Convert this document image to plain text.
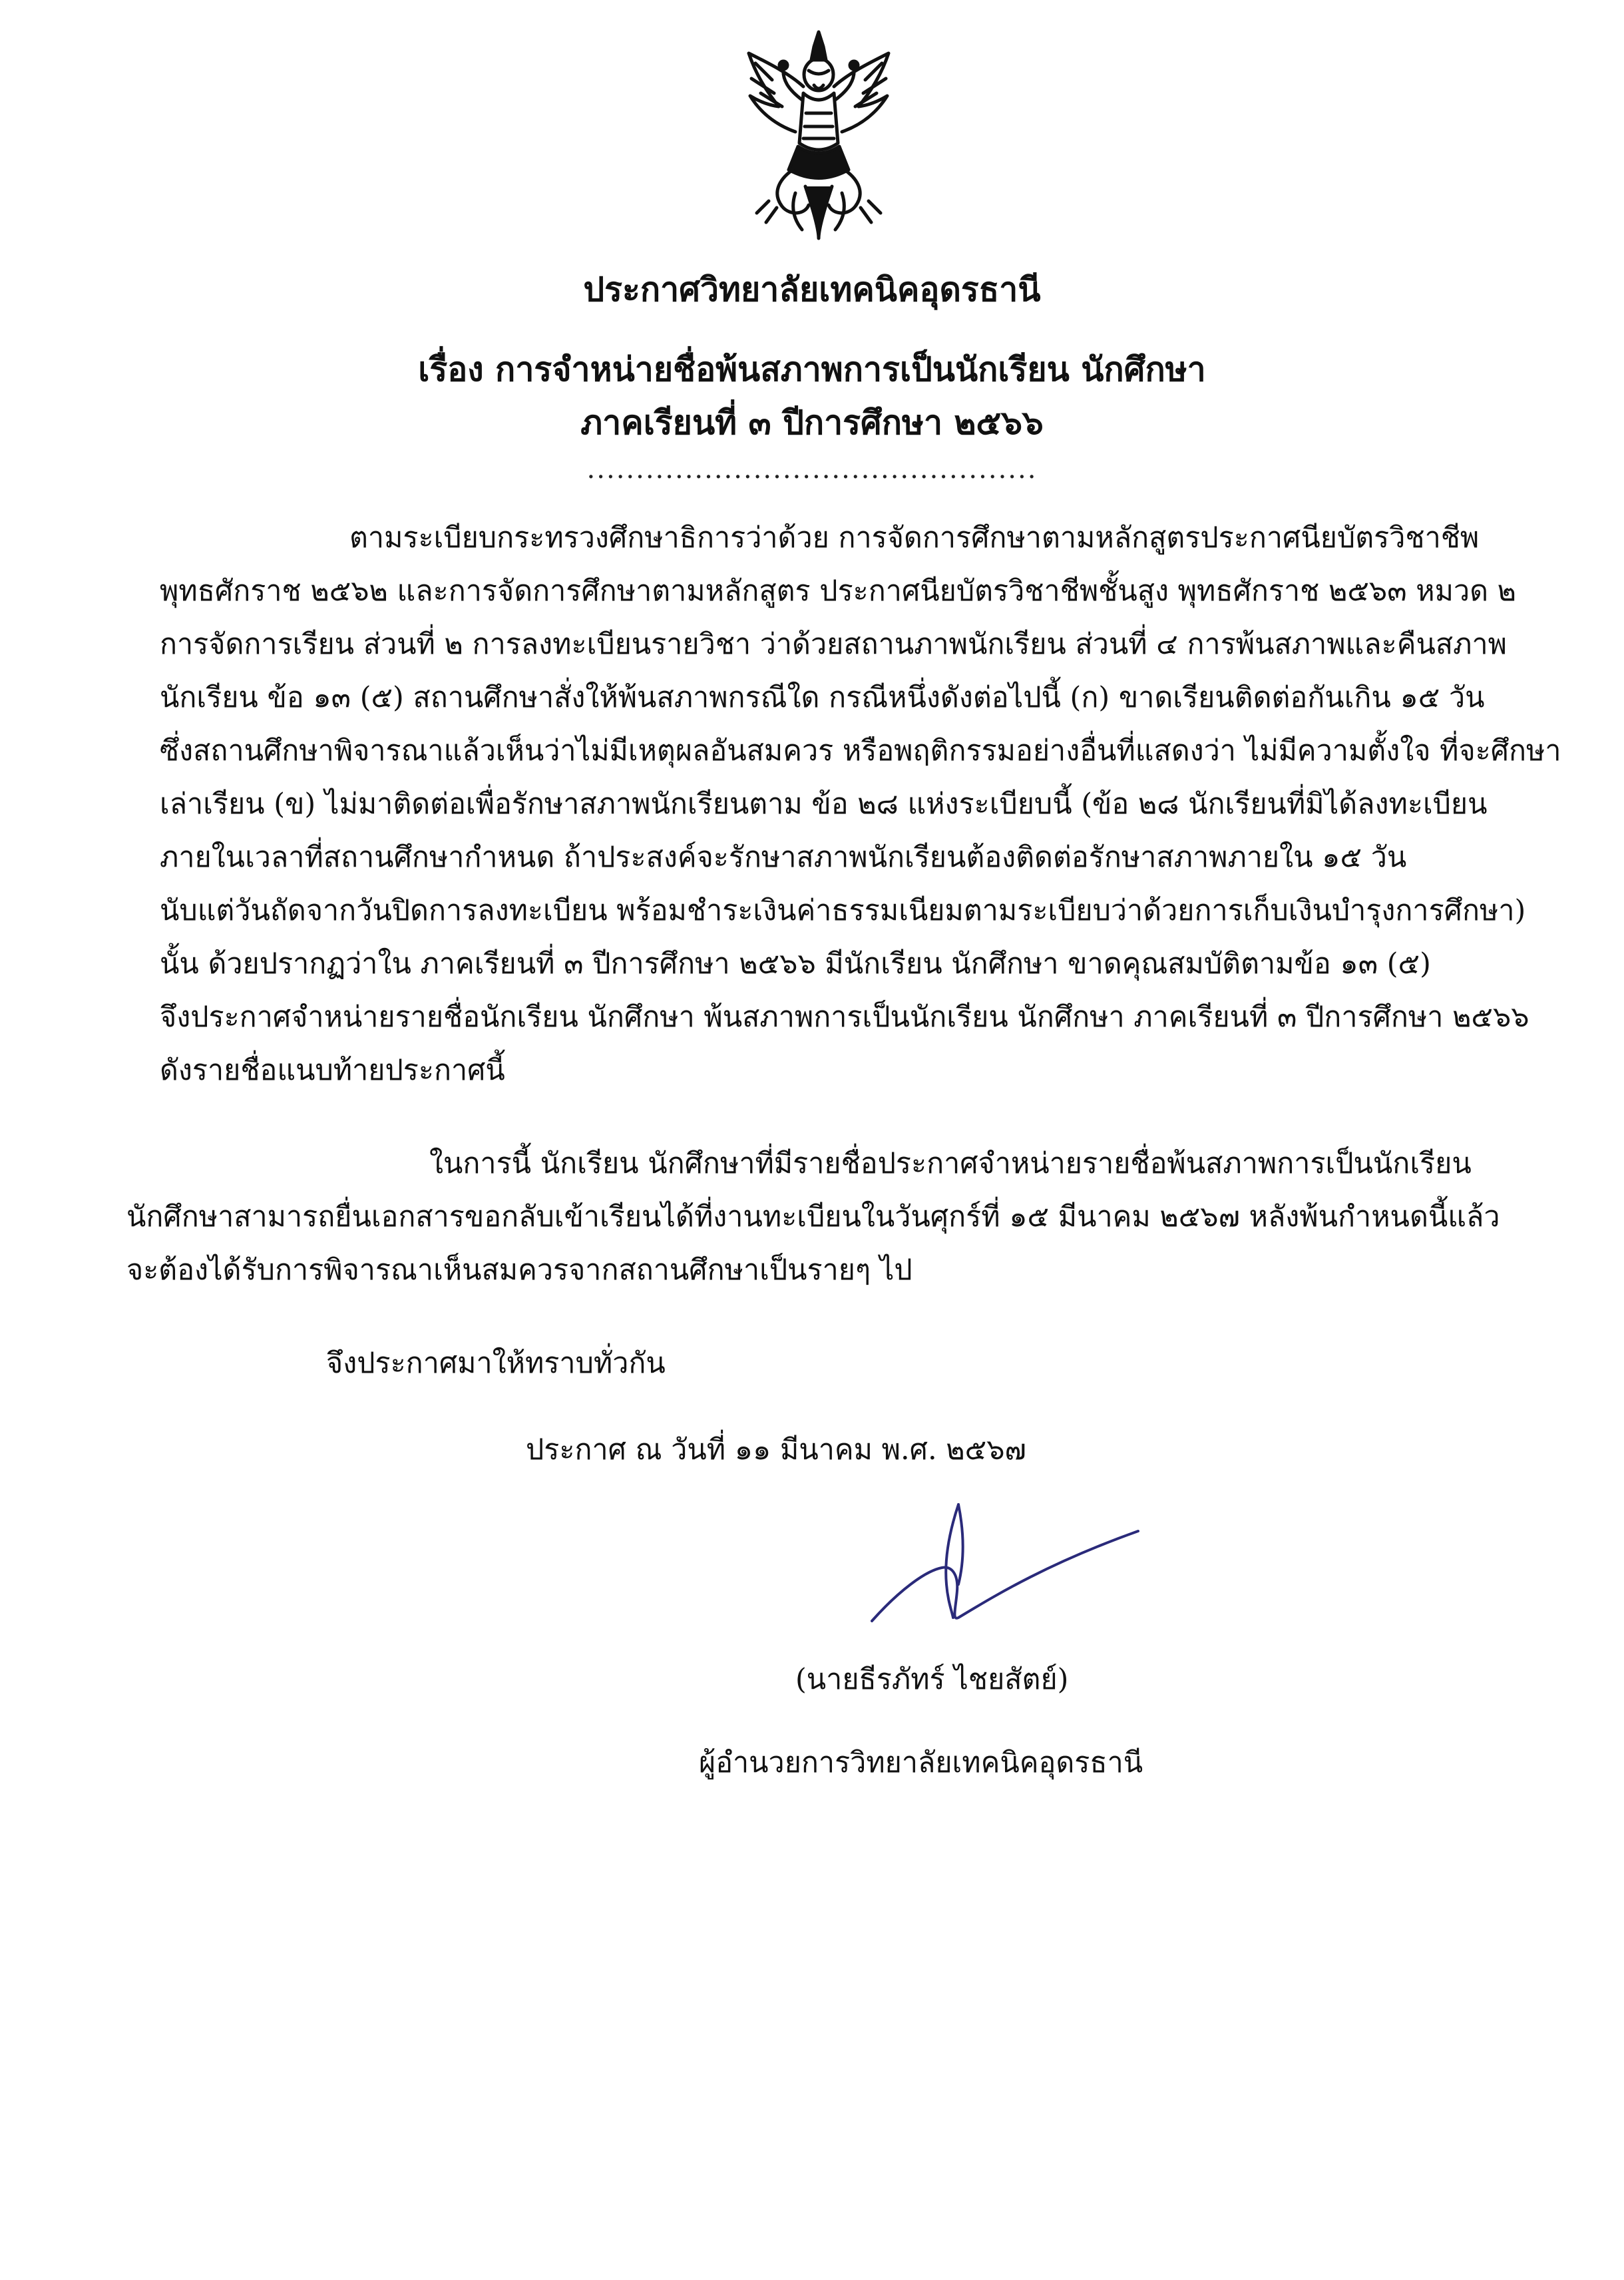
ประกาศวิทยาลัยเทคนิคอุดรธานี
เรื่อง การจำหน่ายชื่อพ้นสภาพการเป็นนักเรียน นักศึกษา
ภาคเรียนที่ ๓ ปีการศึกษา ๒๕๖๖
..............................................
ตามระเบียบกระทรวงศึกษาธิการว่าด้วย การจัดการศึกษาตามหลักสูตรประกาศนียบัตรวิชาชีพ
พุทธศักราช ๒๕๖๒ และการจัดการศึกษาตามหลักสูตร ประกาศนียบัตรวิชาชีพชั้นสูง พุทธศักราช ๒๕๖๓ หมวด ๒
การจัดการเรียน ส่วนที่ ๒ การลงทะเบียนรายวิชา ว่าด้วยสถานภาพนักเรียน ส่วนที่ ๔ การพ้นสภาพและคืนสภาพ
นักเรียน ข้อ ๑๓ (๕) สถานศึกษาสั่งให้พ้นสภาพกรณีใด กรณีหนึ่งดังต่อไปนี้ (ก) ขาดเรียนติดต่อกันเกิน ๑๕ วัน
ซึ่งสถานศึกษาพิจารณาแล้วเห็นว่าไม่มีเหตุผลอันสมควร หรือพฤติกรรมอย่างอื่นที่แสดงว่า ไม่มีความตั้งใจ ที่จะศึกษา
เล่าเรียน (ข) ไม่มาติดต่อเพื่อรักษาสภาพนักเรียนตาม ข้อ ๒๘ แห่งระเบียบนี้ (ข้อ ๒๘ นักเรียนที่มิได้ลงทะเบียน
ภายในเวลาที่สถานศึกษากำหนด ถ้าประสงค์จะรักษาสภาพนักเรียนต้องติดต่อรักษาสภาพภายใน ๑๕ วัน
นับแต่วันถัดจากวันปิดการลงทะเบียน พร้อมชำระเงินค่าธรรมเนียมตามระเบียบว่าด้วยการเก็บเงินบำรุงการศึกษา)
นั้น ด้วยปรากฏว่าใน ภาคเรียนที่ ๓ ปีการศึกษา ๒๕๖๖ มีนักเรียน นักศึกษา ขาดคุณสมบัติตามข้อ ๑๓ (๕)
จึงประกาศจำหน่ายรายชื่อนักเรียน นักศึกษา พ้นสภาพการเป็นนักเรียน นักศึกษา ภาคเรียนที่ ๓ ปีการศึกษา ๒๕๖๖
ดังรายชื่อแนบท้ายประกาศนี้
ในการนี้ นักเรียน นักศึกษาที่มีรายชื่อประกาศจำหน่ายรายชื่อพ้นสภาพการเป็นนักเรียน
นักศึกษาสามารถยื่นเอกสารขอกลับเข้าเรียนได้ที่งานทะเบียนในวันศุกร์ที่ ๑๕ มีนาคม ๒๕๖๗ หลังพ้นกำหนดนี้แล้ว
จะต้องได้รับการพิจารณาเห็นสมควรจากสถานศึกษาเป็นรายๆ ไป
จึงประกาศมาให้ทราบทั่วกัน
ประกาศ ณ วันที่ ๑๑ มีนาคม พ.ศ. ๒๕๖๗
(นายธีรภัทร์ ไชยสัตย์)
ผู้อำนวยการวิทยาลัยเทคนิคอุดรธานี
